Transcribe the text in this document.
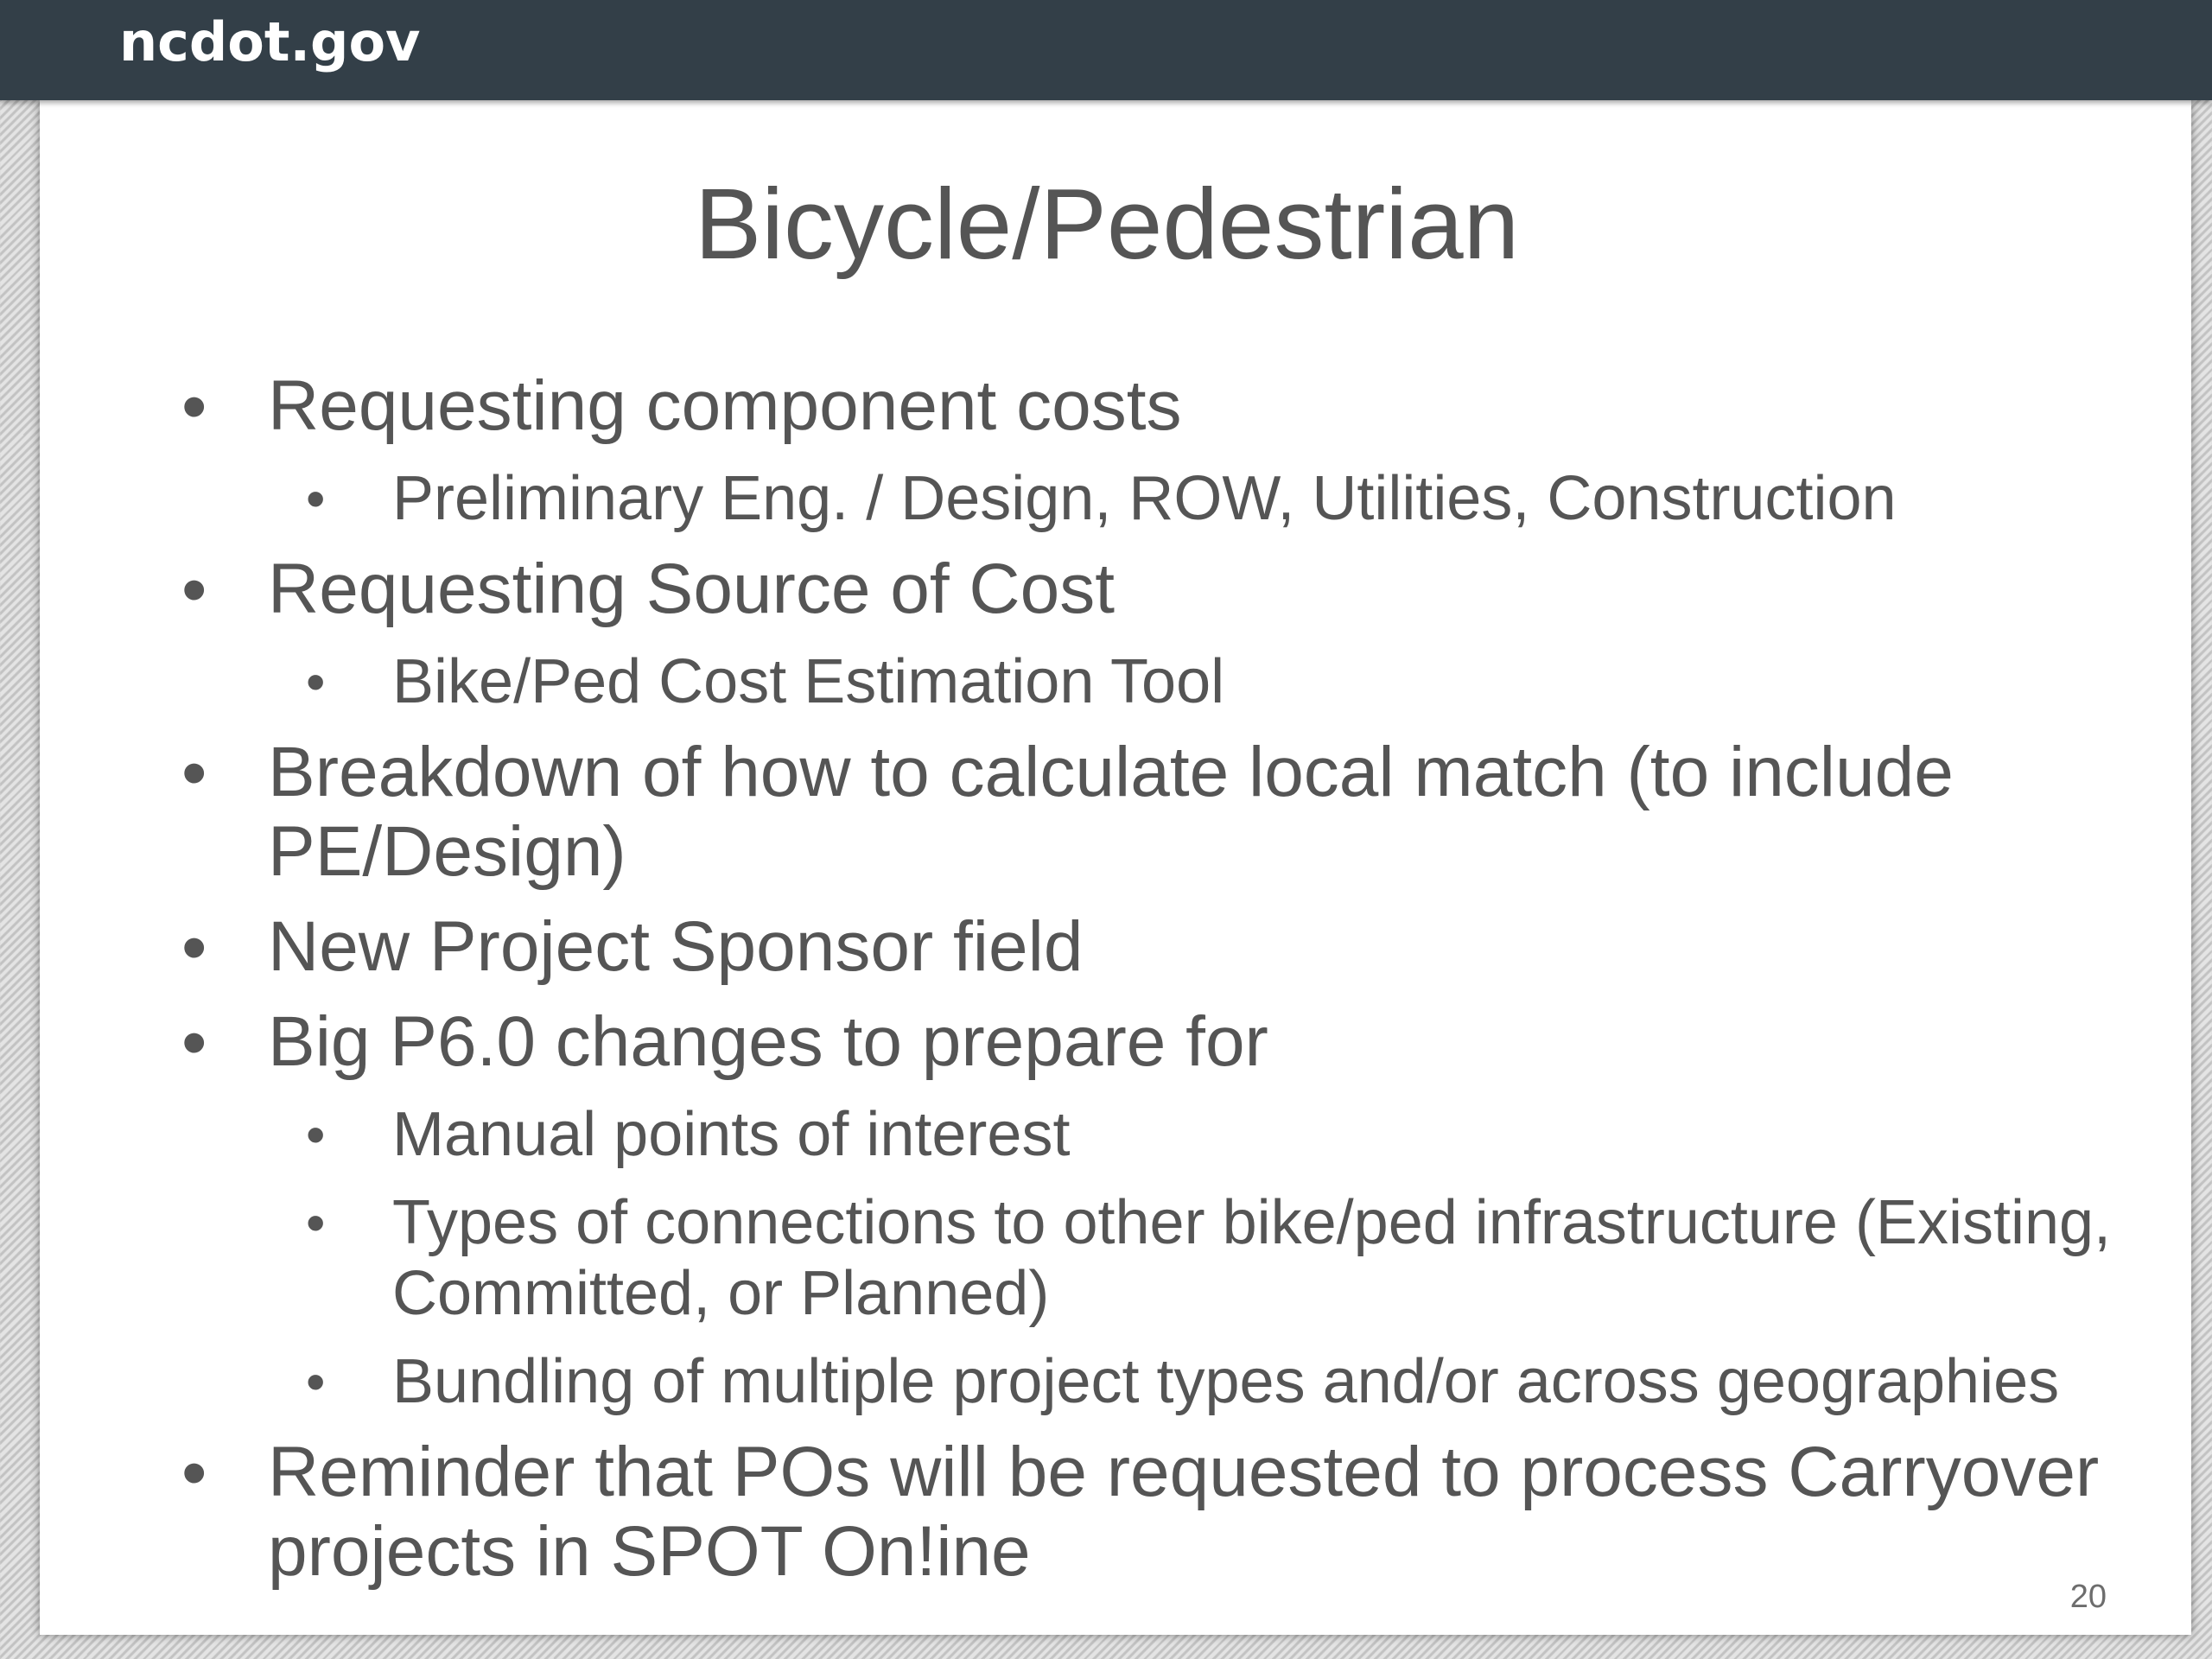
ncdot.gov
Bicycle/Pedestrian
• Requesting component costs
• Preliminary Eng. / Design, ROW, Utilities, Construction
• Requesting Source of Cost
• Bike/Ped Cost Estimation Tool
• Breakdown of how to calculate local match (to include PE/Design)
• New Project Sponsor field
• Big P6.0 changes to prepare for
• Manual points of interest
• Types of connections to other bike/ped infrastructure (Existing, Committed, or Planned)
• Bundling of multiple project types and/or across geographies
• Reminder that POs will be requested to process Carryover projects in SPOT On!ine
20
